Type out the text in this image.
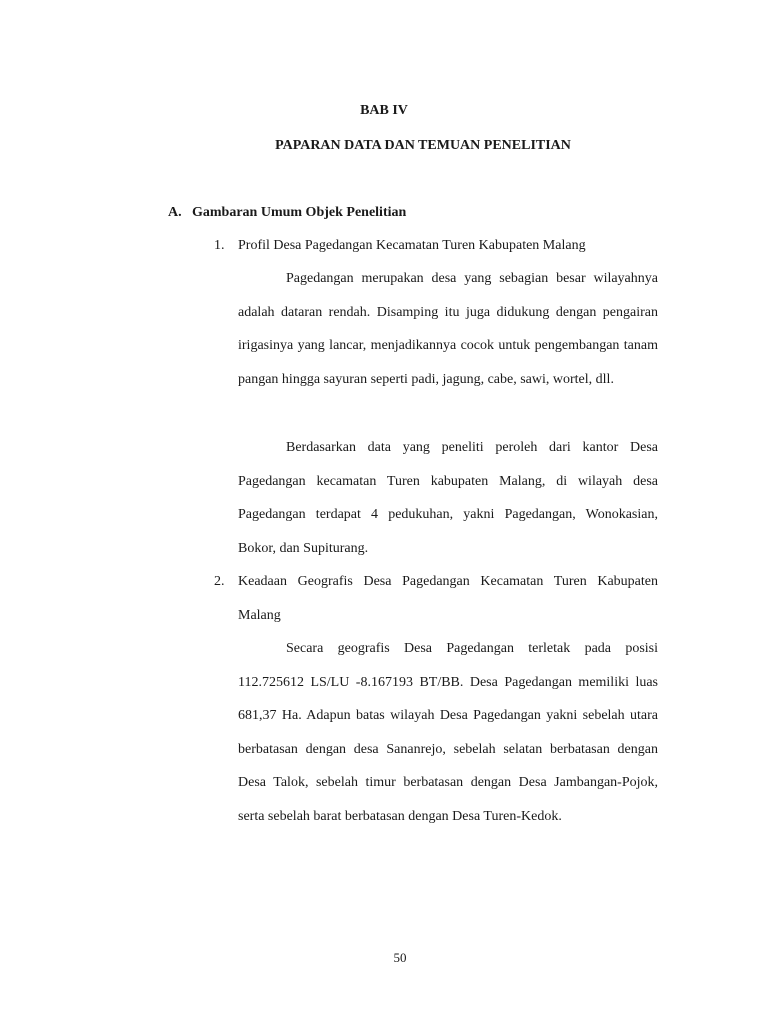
BAB IV
PAPARAN DATA DAN TEMUAN PENELITIAN
A. Gambaran Umum Objek Penelitian
1. Profil Desa Pagedangan Kecamatan Turen Kabupaten Malang

Pagedangan merupakan desa yang sebagian besar wilayahnya adalah dataran rendah. Disamping itu juga didukung dengan pengairan irigasinya yang lancar, menjadikannya cocok untuk pengembangan tanam pangan hingga sayuran seperti padi, jagung, cabe, sawi, wortel, dll.

Berdasarkan data yang peneliti peroleh dari kantor Desa Pagedangan kecamatan Turen kabupaten Malang, di wilayah desa Pagedangan terdapat 4 pedukuhan, yakni Pagedangan, Wonokasian, Bokor, dan Supiturang.

2. Keadaan Geografis Desa Pagedangan Kecamatan Turen Kabupaten Malang

Secara geografis Desa Pagedangan terletak pada posisi 112.725612 LS/LU -8.167193 BT/BB. Desa Pagedangan memiliki luas 681,37 Ha. Adapun batas wilayah Desa Pagedangan yakni sebelah utara berbatasan dengan desa Sananrejo, sebelah selatan berbatasan dengan Desa Talok, sebelah timur berbatasan dengan Desa Jambangan-Pojok, serta sebelah barat berbatasan dengan Desa Turen-Kedok.

50
